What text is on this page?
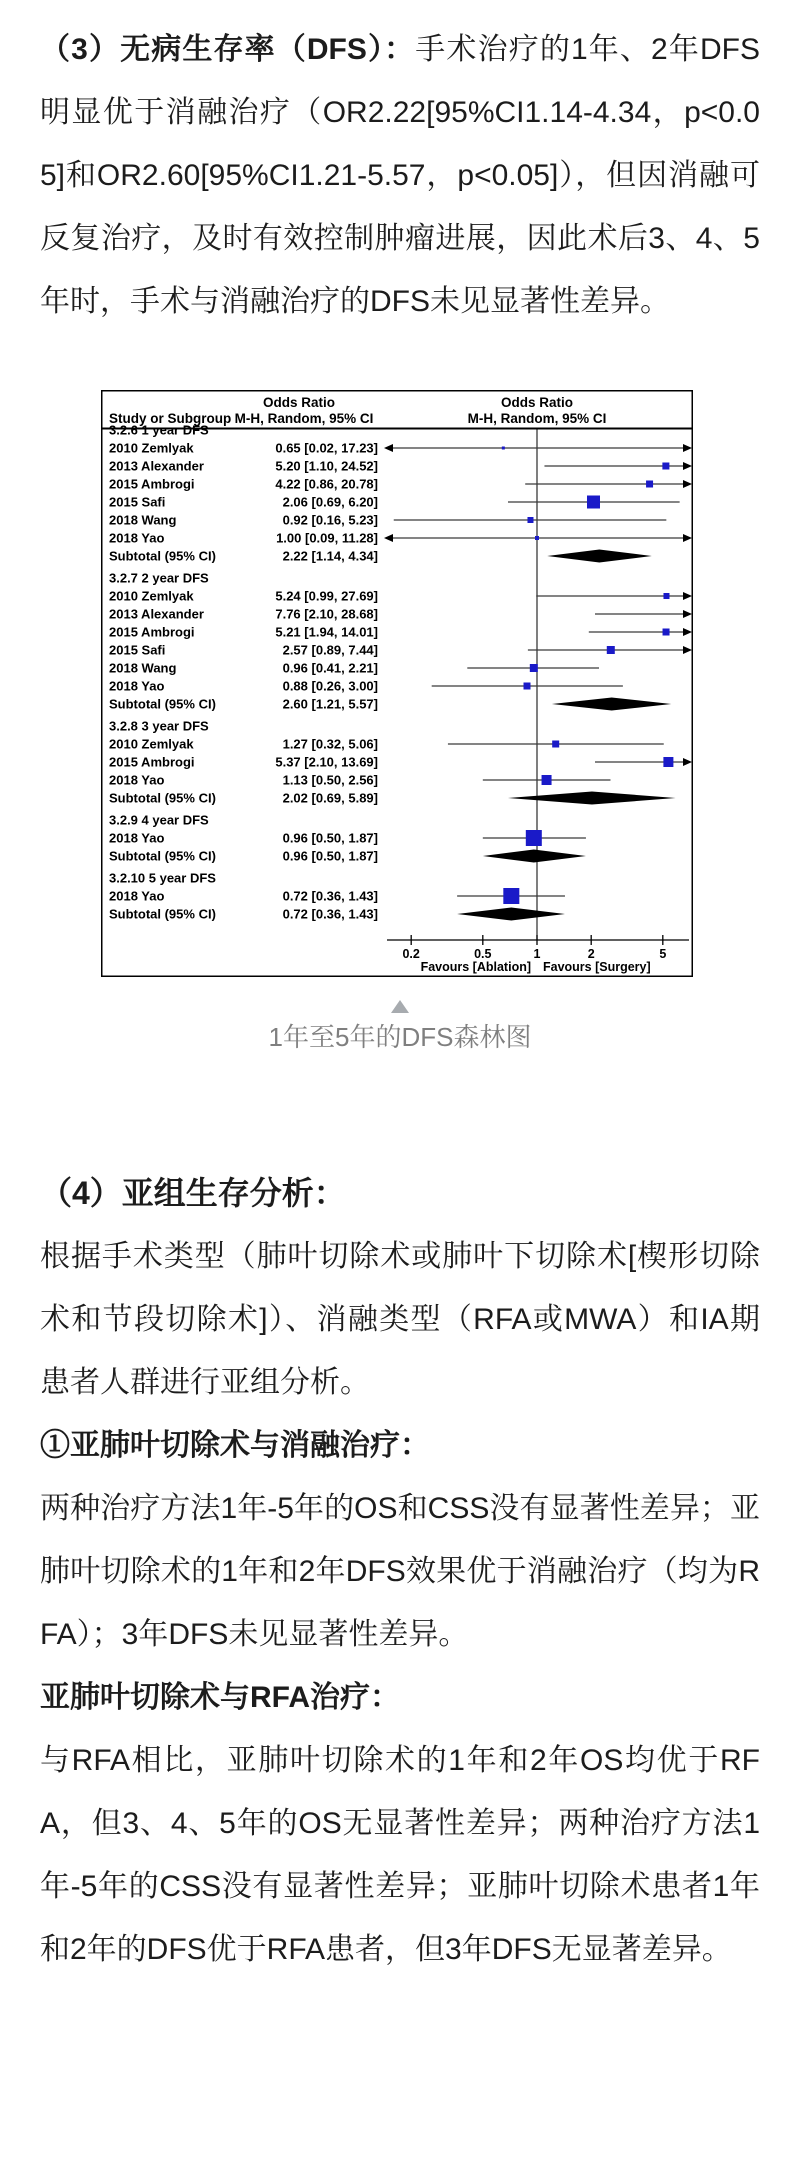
（3）无病生存率（DFS）：手术治疗的1年、2年DFS明显优于消融治疗（OR2.22[95%CI1.14-4.34，p<0.05]和OR2.60[95%CI1.21-5.57，p<0.05]），但因消融可反复治疗，及时有效控制肿瘤进展，因此术后3、4、5年时，手术与消融治疗的DFS未见显著性差异。

Odds Ratio	Odds Ratio
Study or Subgroup M-H, Random, 95% CI	M-H, Random, 95% CI
3.2.6 1 year DFS
2010 Zemlyak	0.65 [0.02, 17.23]
2013 Alexander	5.20 [1.10, 24.52]
2015 Ambrogi	4.22 [0.86, 20.78]
2015 Safi	2.06 [0.69, 6.20]
2018 Wang	0.92 [0.16, 5.23]
2018 Yao	1.00 [0.09, 11.28]
Subtotal (95% CI)	2.22 [1.14, 4.34]
3.2.7 2 year DFS
2010 Zemlyak	5.24 [0.99, 27.69]
2013 Alexander	7.76 [2.10, 28.68]
2015 Ambrogi	5.21 [1.94, 14.01]
2015 Safi	2.57 [0.89, 7.44]
2018 Wang	0.96 [0.41, 2.21]
2018 Yao	0.88 [0.26, 3.00]
Subtotal (95% CI)	2.60 [1.21, 5.57]
3.2.8 3 year DFS
2010 Zemlyak	1.27 [0.32, 5.06]
2015 Ambrogi	5.37 [2.10, 13.69]
2018 Yao	1.13 [0.50, 2.56]
Subtotal (95% CI)	2.02 [0.69, 5.89]
3.2.9 4 year DFS
2018 Yao	0.96 [0.50, 1.87]
Subtotal (95% CI)	0.96 [0.50, 1.87]
3.2.10 5 year DFS
2018 Yao	0.72 [0.36, 1.43]
Subtotal (95% CI)	0.72 [0.36, 1.43]
0.2	0.5	1	2	5
Favours [Ablation] Favours [Surgery]
1年至5年的DFS森林图
（4）亚组生存分析：

根据手术类型（肺叶切除术或肺叶下切除术[楔形切除术和节段切除术]）、消融类型（RFA或MWA）和IA期患者人群进行亚组分析。

①亚肺叶切除术与消融治疗：

两种治疗方法1年-5年的OS和CSS没有显著性差异；亚肺叶切除术的1年和2年DFS效果优于消融治疗（均为RFA）；3年DFS未见显著性差异。

亚肺叶切除术与RFA治疗：

与RFA相比，亚肺叶切除术的1年和2年OS均优于RFA，但3、4、5年的OS无显著性差异；两种治疗方法1年-5年的CSS没有显著性差异；亚肺叶切除术患者1年和2年的DFS优于RFA患者，但3年DFS无显著差异。
